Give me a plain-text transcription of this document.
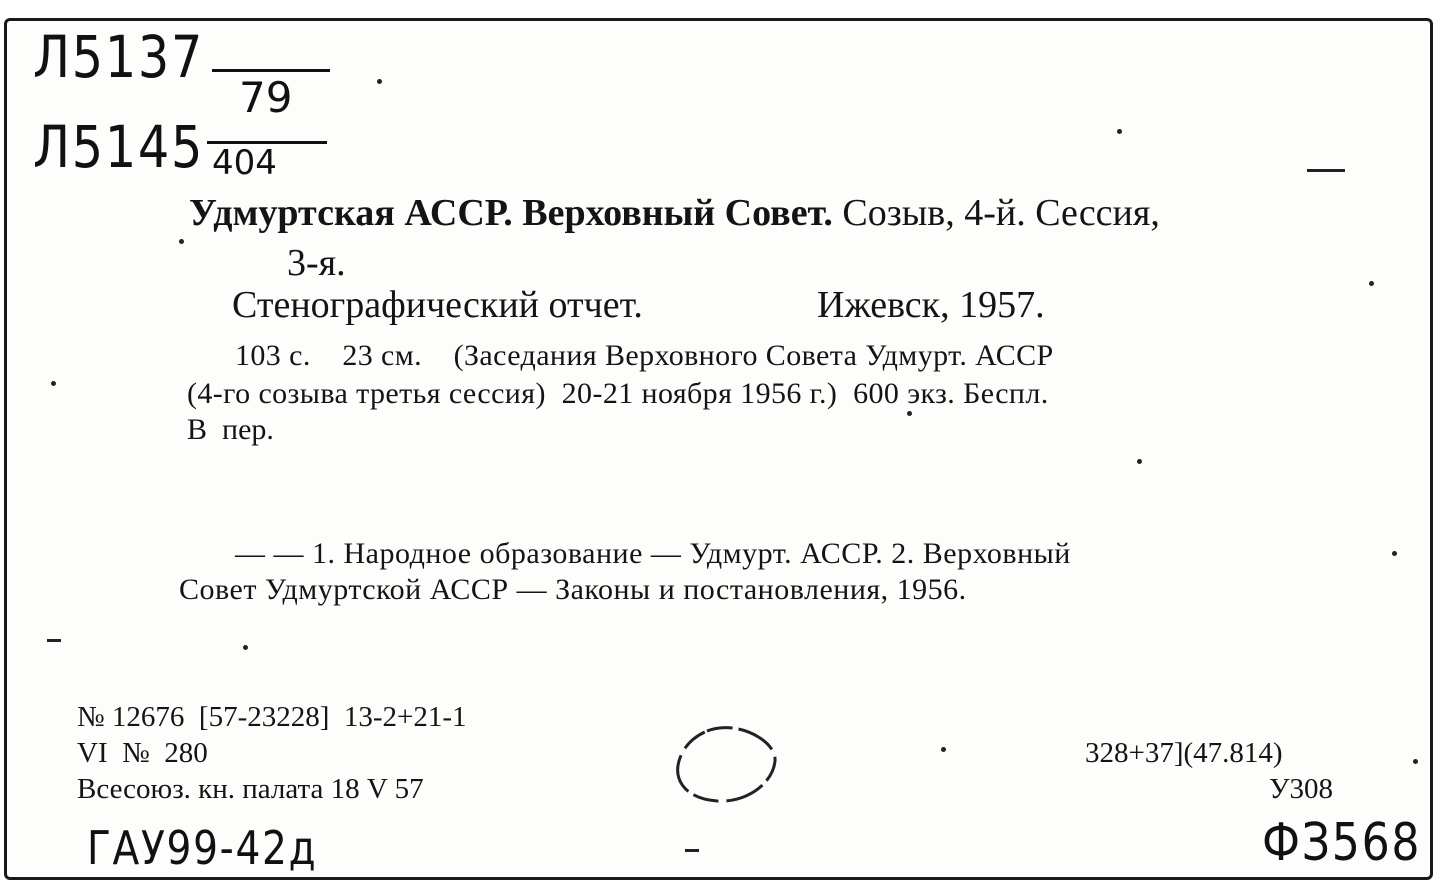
Л5137
79
Л5145 404
Удмуртская АССР. Верховный Совет. Созыв, 4-й. Сессия,
3-я.
Стенографический отчет.	Ижевск, 1957.
103 с.    23 см.    (Заседания Верховного Совета Удмурт. АССР
(4-го созыва третья сессия)  20-21 ноября 1956 г.)  600 экз. Беспл.
В  пер.
— — 1. Народное образование — Удмурт. АССР. 2. Верховный
Совет Удмуртской АССР — Законы и постановления, 1956.
№ 12676  [57-23228]  13-2+21-1
VI  №  280
Всесоюз. кн. палата 18 V 57
328+37](47.814)
У308
ГАУ99-42д	ФЗ568
